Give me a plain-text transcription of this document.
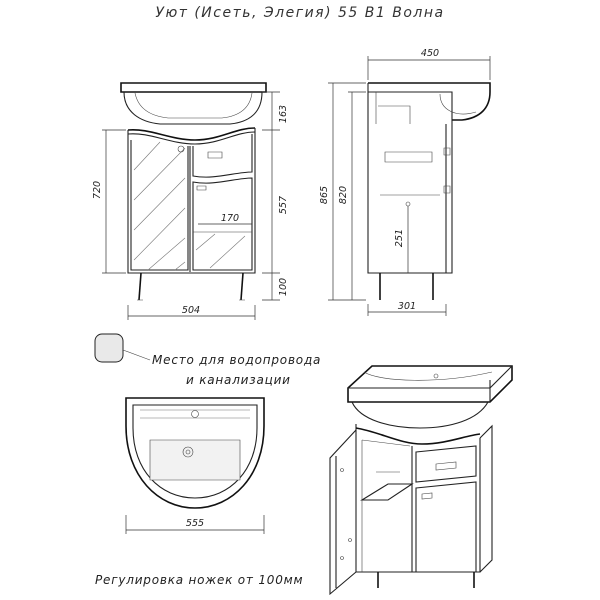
Уют (Исеть, Элегия) 55 В1 Волна
720
163
557
100
170
504
450
865 820
251
301
Место для водопровода
и канализации
555
Регулировка ножек от 100мм
